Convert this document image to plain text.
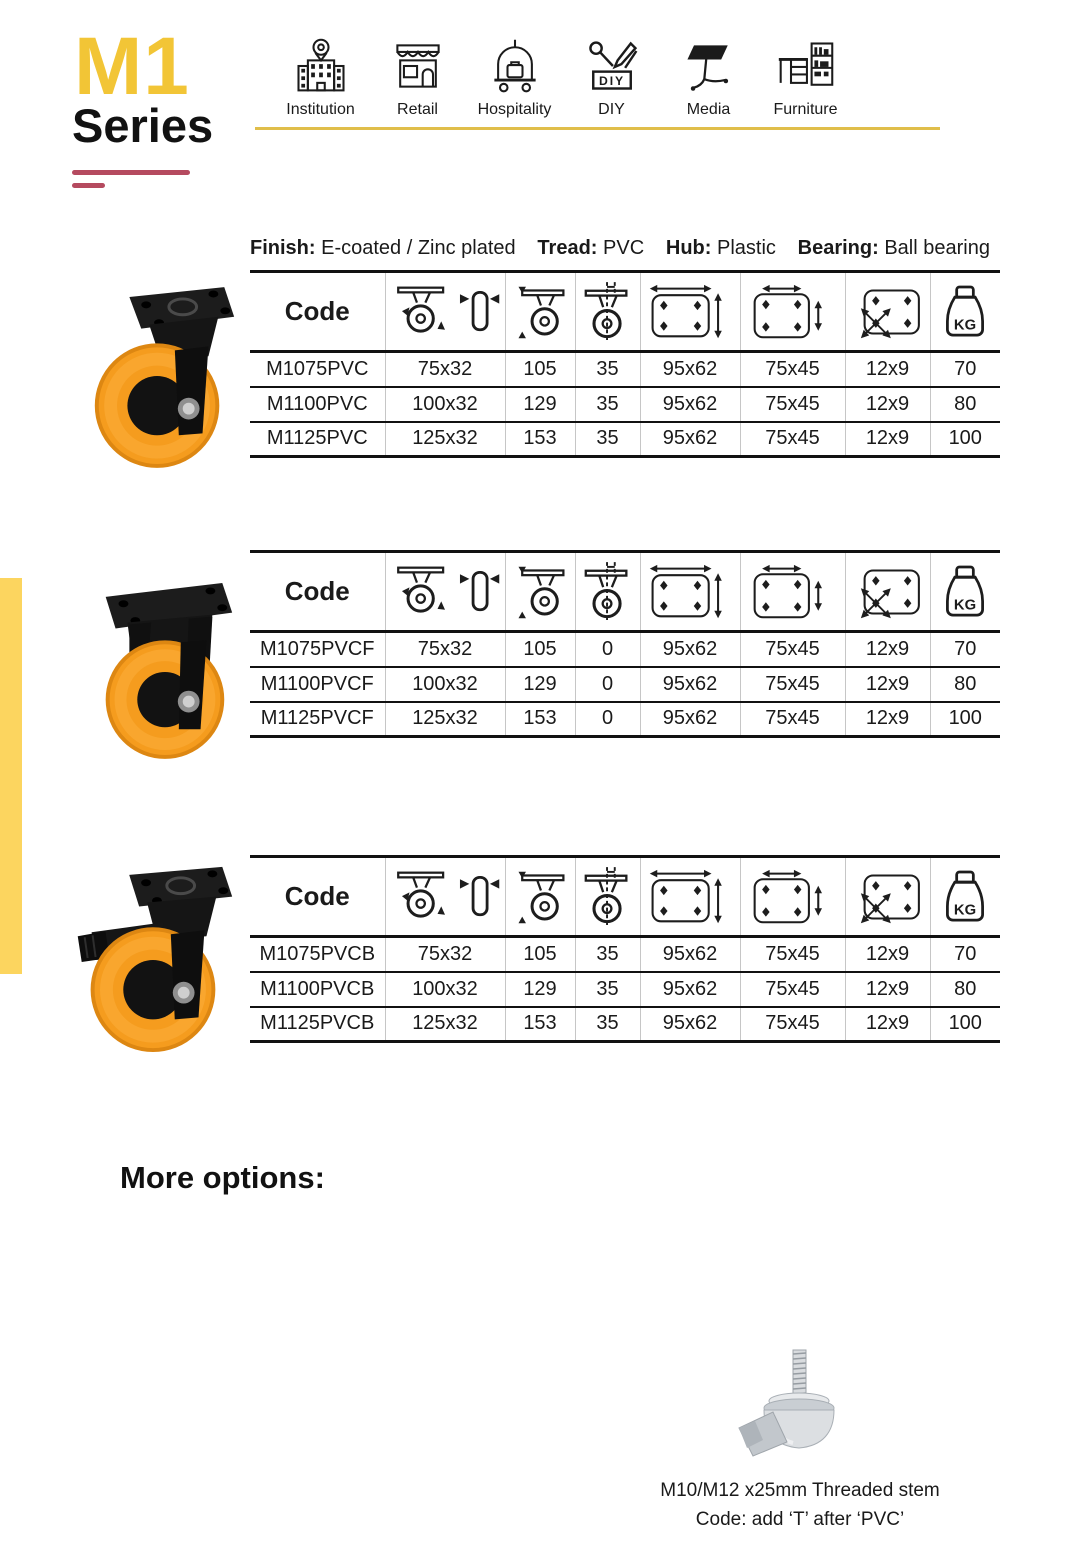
M1
Series	Institution	Retail Hospitality
DIY
DIY	Media	Furniture
Finish: E-coated / Zinc plated Tread: PVC Hub: Plastic Bearing: Ball bearing
Code							
M1075PVC	75x32	105	35	95x62	75x45	12x9	70
M1100PVC	100x32	129	35	95x62	75x45	12x9	80
M1125PVC	125x32	153	35	95x62	75x45	12x9	100
Code							
M1075PVCF	75x32	105	0	95x62	75x45	12x9	70
M1100PVCF	100x32	129	0	95x62	75x45	12x9	80
M1125PVCF	125x32	153	0	95x62	75x45	12x9	100
Code							
M1075PVCB	75x32	105	35	95x62	75x45	12x9	70
M1100PVCB	100x32	129	35	95x62	75x45	12x9	80
M1125PVCB	125x32	153	35	95x62	75x45	12x9	100
More options:
M10/M12 x25mm Threaded stem
Code: add ‘T’ after ‘PVC’
